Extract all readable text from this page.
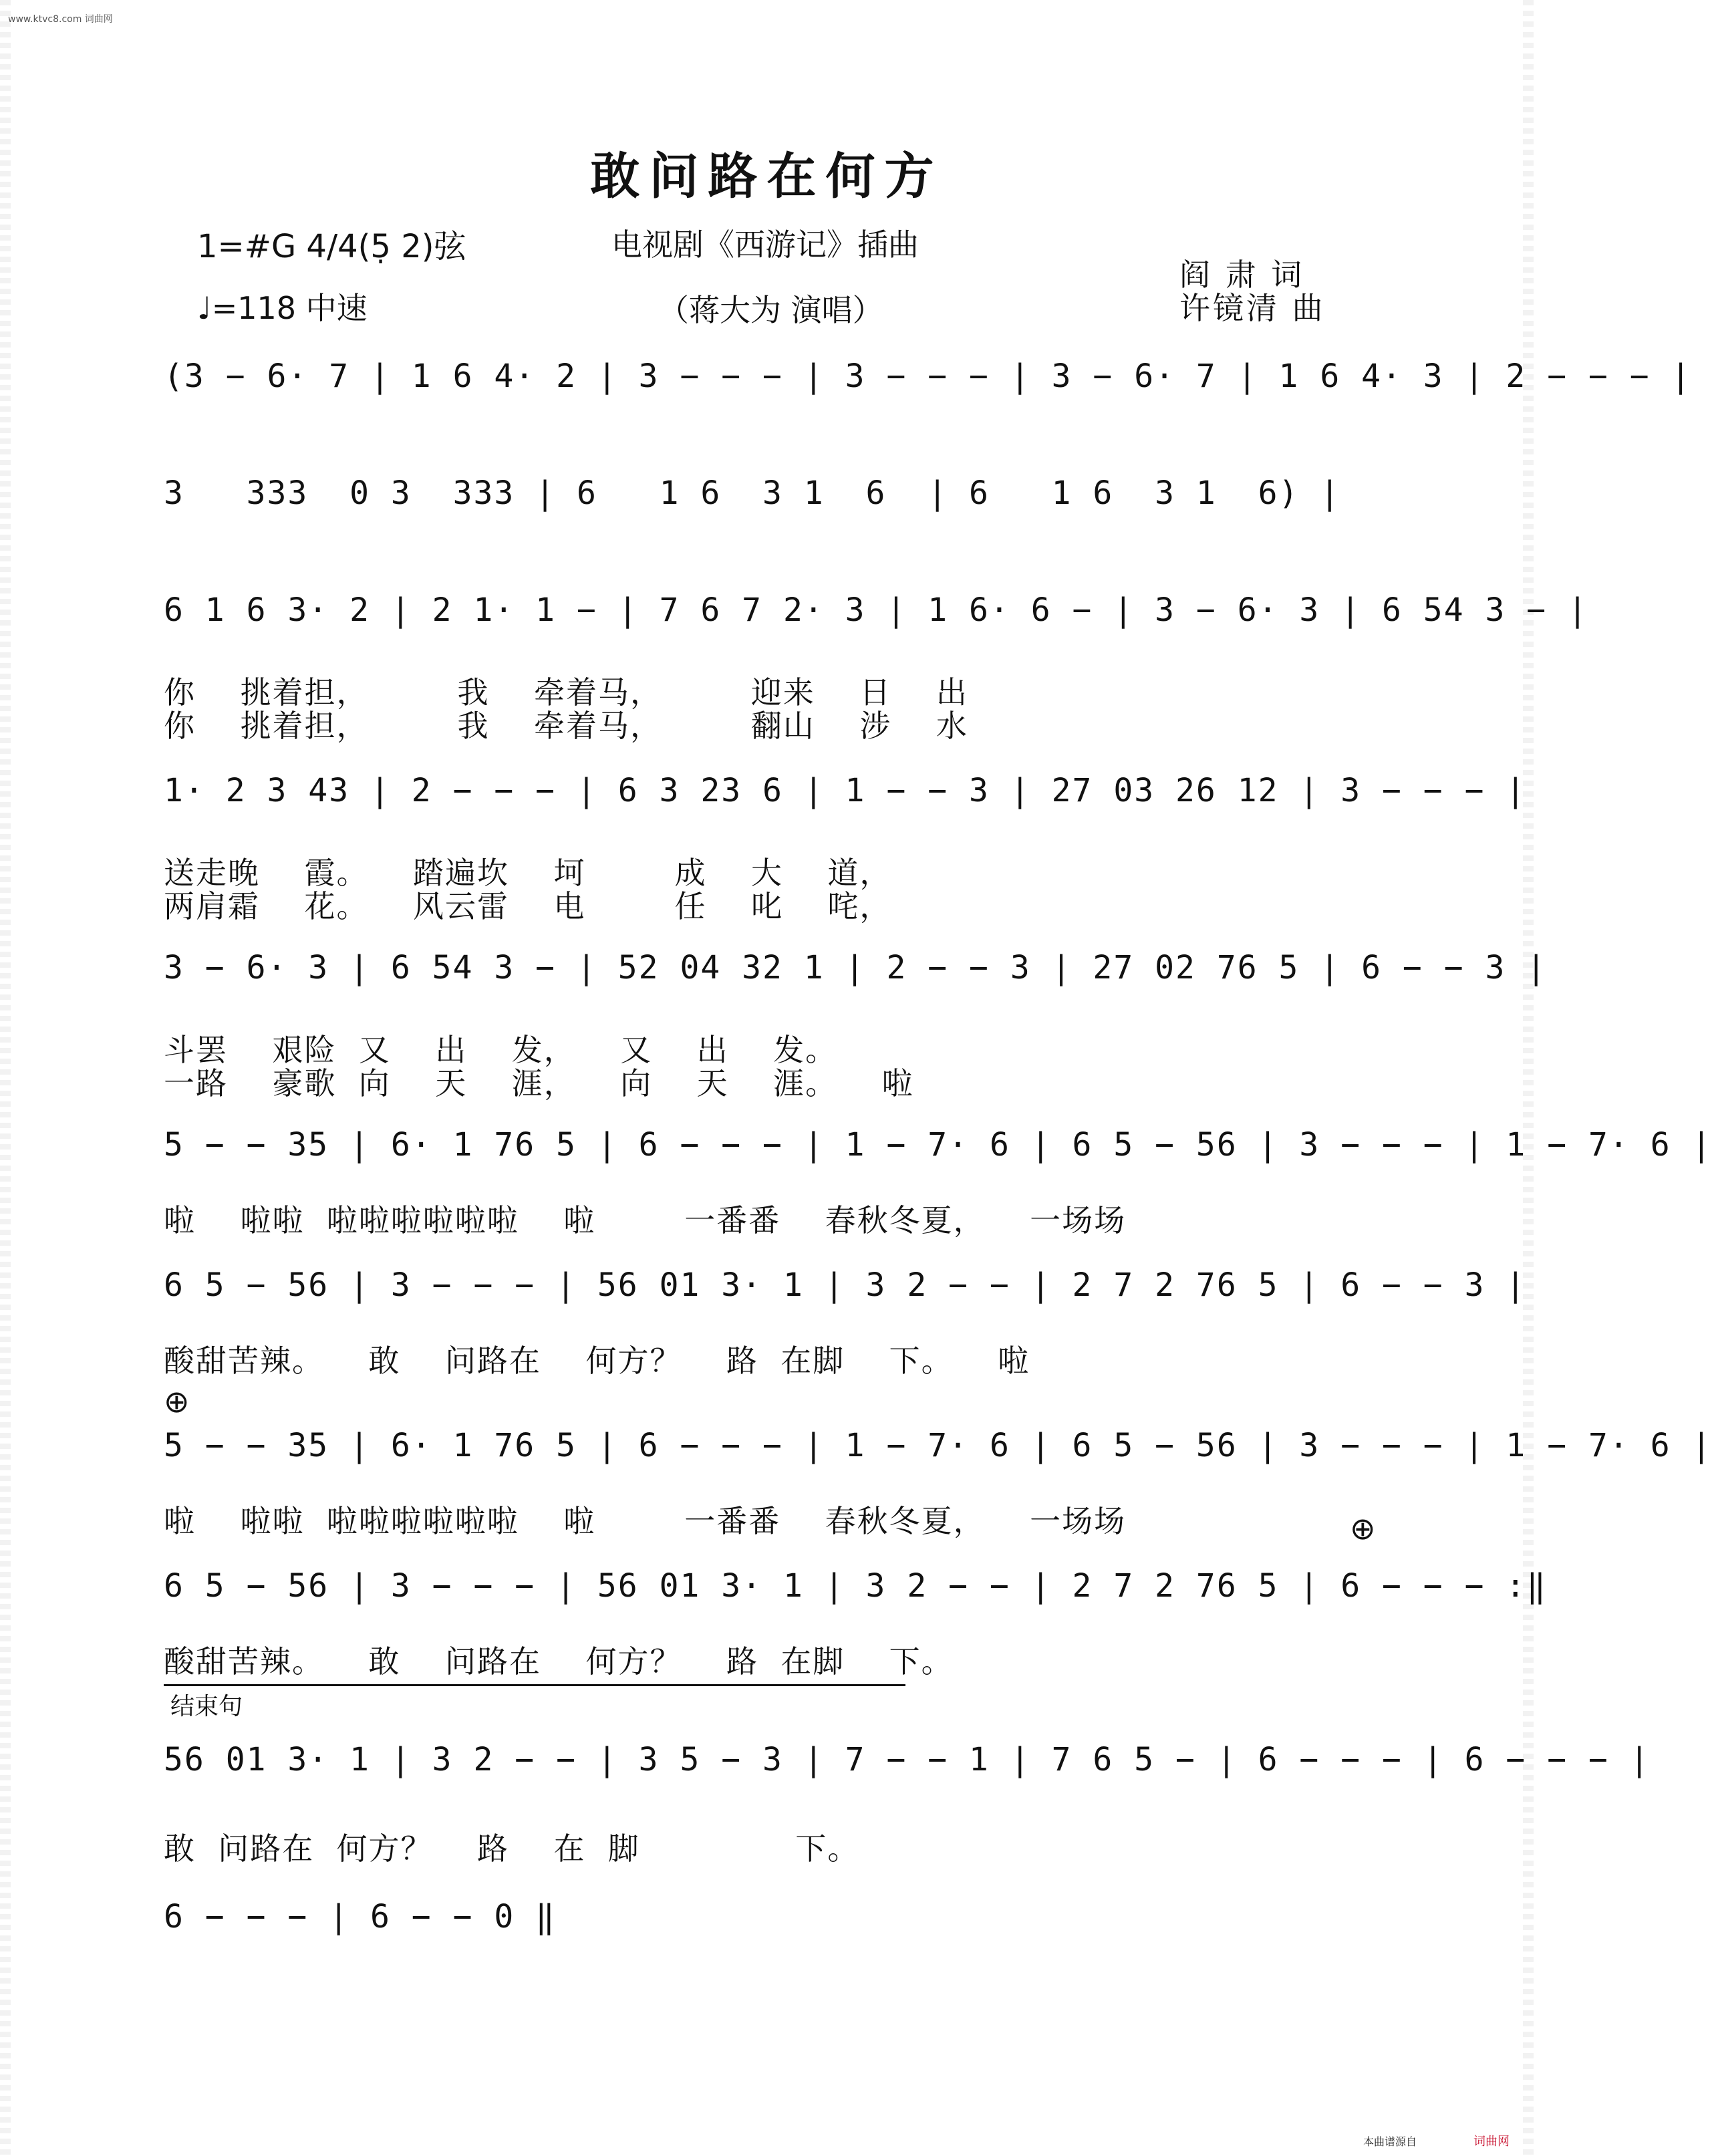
www.ktvc8.com 词曲网
敢问路在何方
1=#G 4/4(5̣ 2)弦
♩=118 中速
电视剧《西游记》插曲
（蒋大为 演唱）
阎 肃 词
许镜清 曲
(3 − 6· 7 | 1 6 4· 2 | 3 − − − | 3 − − − | 3 − 6· 7 | 1 6 4· 3 | 2 − − − |
3   333  0 3  333 | 6   1 6  3 1  6  | 6   1 6  3 1  6) |
6 1 6 3· 2 | 2 1· 1 − | 7 6 7 2· 3 | 1 6· 6 − | 3 − 6· 3 | 6 54 3 − |
你    挑着担，        我    牵着马，        迎来    日    出
你    挑着担，        我    牵着马，        翻山    涉    水
1· 2 3 43 | 2 − − − | 6 3 23 6 | 1 − − 3 | 27 03 26 12 | 3 − − − |
送走晚    霞。    踏遍坎    坷        成    大    道，
两肩霜    花。    风云雷    电        任    叱    咤，
3 − 6· 3 | 6 54 3 − | 52 04 32 1 | 2 − − 3 | 27 02 76 5 | 6 − − 3 |
斗罢    艰险  又    出    发，    又    出    发。
一路    豪歌  向    天    涯，    向    天    涯。    啦
5 − − 35 | 6· 1 76 5 | 6 − − − | 1 − 7· 6 | 6 5 − 56 | 3 − − − | 1 − 7· 6 |
啦    啦啦  啦啦啦啦啦啦    啦        一番番    春秋冬夏，    一场场
6 5 − 56 | 3 − − − | 56 01 3· 1 | 3 2 − − | 2 7 2 76 5 | 6 − − 3 |
酸甜苦辣。    敢    问路在    何方？    路  在脚    下。    啦
⊕
5 − − 35 | 6· 1 76 5 | 6 − − − | 1 − 7· 6 | 6 5 − 56 | 3 − − − | 1 − 7· 6 |
啦    啦啦  啦啦啦啦啦啦    啦        一番番    春秋冬夏，    一场场	⊕
6 5 − 56 | 3 − − − | 56 01 3· 1 | 3 2 − − | 2 7 2 76 5 | 6 − − − :‖
酸甜苦辣。    敢    问路在    何方？    路  在脚    下。
结束句
56 01 3· 1 | 3 2 − − | 3 5 − 3 | 7 − − 1 | 7 6 5 − | 6 − − − | 6 − − − |
敢  问路在  何方？    路    在  脚              下。
6 − − − | 6 − − 0 ‖
本曲谱源自	词曲网
